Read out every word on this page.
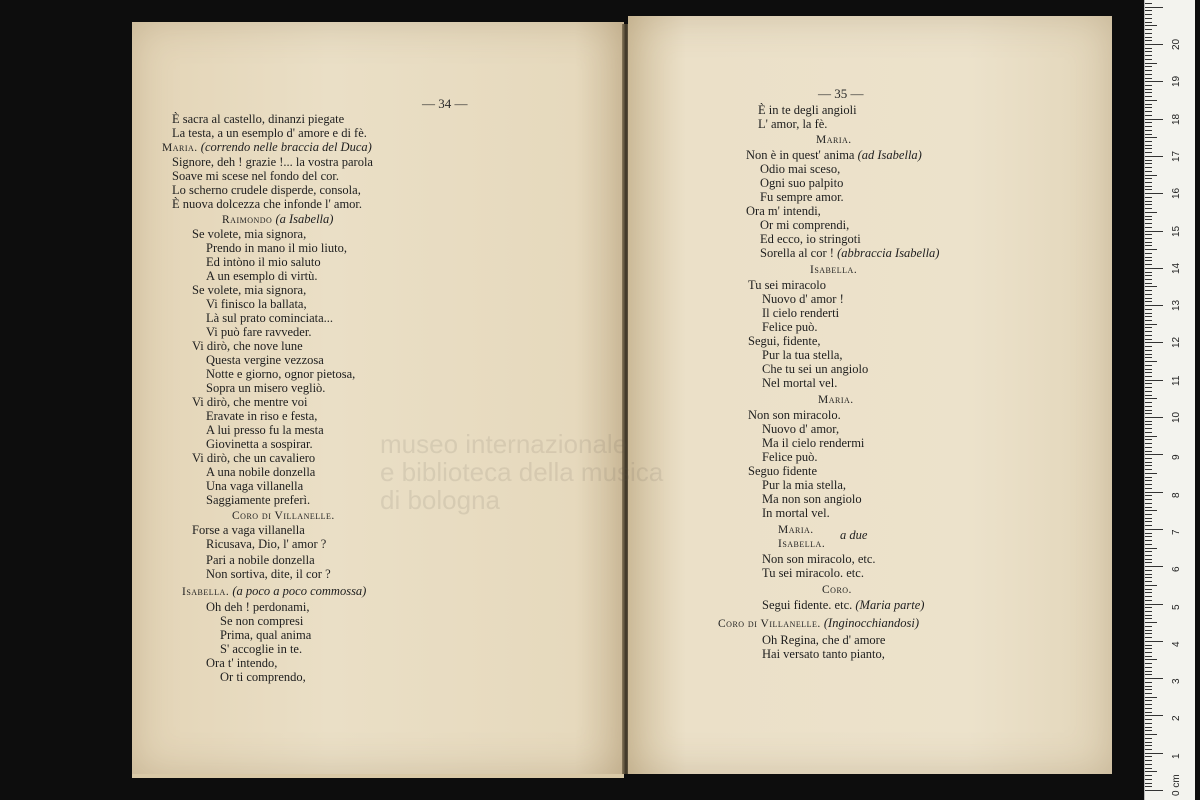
— 34 —
È sacra al castello, dinanzi piegate
La testa, a un esemplo d' amore e di fè.
Maria. (correndo nelle braccia del Duca)
Signore, deh ! grazie !... la vostra parola
Soave mi scese nel fondo del cor.
Lo scherno crudele disperde, consola,
È nuova dolcezza che infonde l' amor.
Raimondo (a Isabella)
Se volete, mia signora,
Prendo in mano il mio liuto,
Ed intòno il mio saluto
A un esemplo di virtù.
Se volete, mia signora,
Vi finisco la ballata,
Là sul prato cominciata...
Vi può fare ravveder.
Vi dirò, che nove lune
Questa vergine vezzosa
Notte e giorno, ognor pietosa,
Sopra un misero vegliò.
Vi dirò, che mentre voi
Eravate in riso e festa,
A lui presso fu la mesta
Giovinetta a sospirar.
Vi dirò, che un cavaliero
A una nobile donzella
Una vaga villanella
Saggiamente preferì.
Coro di Villanelle.
Forse a vaga villanella
Ricusava, Dio, l' amor ?
Pari a nobile donzella
Non sortiva, dite, il cor ?
Isabella. (a poco a poco commossa)
Oh deh ! perdonami,
Se non compresi
Prima, qual anima
S' accoglie in te.
Ora t' intendo,
Or ti comprendo,
— 35 —
È in te degli angioli
L' amor, la fè.
Maria.
Non è in quest' anima (ad Isabella)
Odio mai sceso,
Ogni suo palpito
Fu sempre amor.
Ora m' intendi,
Or mi comprendi,
Ed ecco, io stringoti
Sorella al cor ! (abbraccia Isabella)
Isabella.
Tu sei miracolo
Nuovo d' amor !
Il cielo renderti
Felice può.
Segui, fidente,
Pur la tua stella,
Che tu sei un angiolo
Nel mortal vel.
Maria.
Non son miracolo.
Nuovo d' amor,
Ma il cielo rendermi
Felice può.
Seguo fidente
Pur la mia stella,
Ma non son angiolo
In mortal vel.
Maria.
Isabella.
a due
Non son miracolo, etc.
Tu sei miracolo. etc.
Coro.
Segui fidente. etc. (Maria parte)
Coro di Villanelle. (Inginocchiandosi)
Oh Regina, che d' amore
Hai versato tanto pianto,
museo internazionale
e biblioteca della musica
di bologna
0 cm
1
2
3
4
5
6
7
8
9
10
11
12
13
14
15
16
17
18
19
20
